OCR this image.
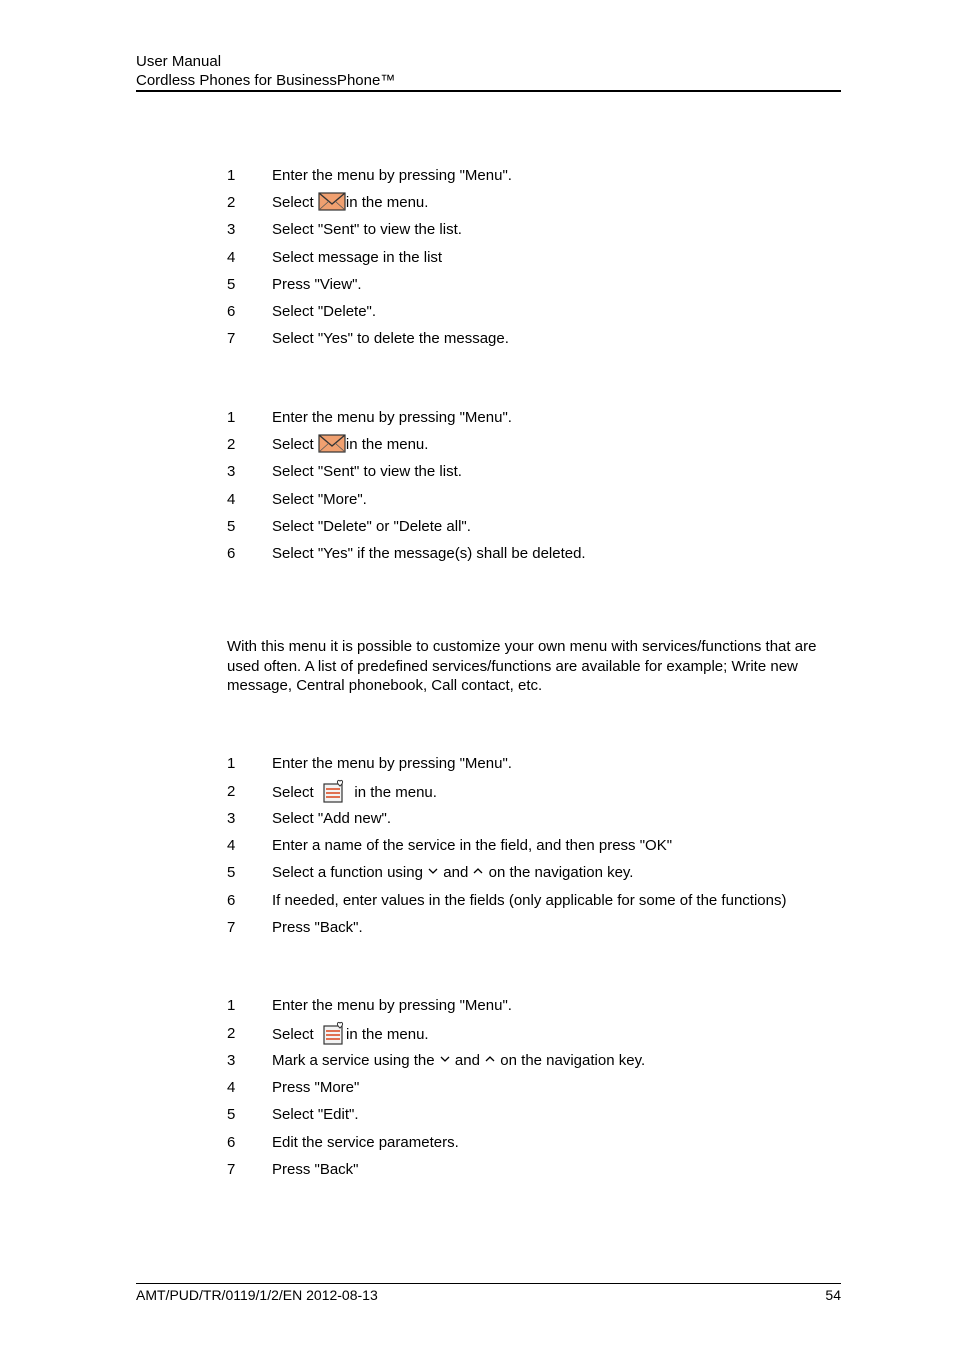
User Manual
Cordless Phones for BusinessPhone™
1	Enter the menu by pressing "Menu".
2	Select in the menu.
3	Select "Sent" to view the list.
4	Select message in the list
5	Press "View".
6	Select "Delete".
7	Select "Yes" to delete the message.
1	Enter the menu by pressing "Menu".
2	Select in the menu.
3	Select "Sent" to view the list.
4	Select "More".
5	Select "Delete" or "Delete all".
6	Select "Yes" if the message(s) shall be deleted.
With this menu it is possible to customize your own menu with services/functions that are used often. A list of predefined services/functions are available for example; Write new message, Central phonebook, Call contact, etc.
1	Enter the menu by pressing "Menu".
2	Select	in the menu.
3	Select "Add new".
4	Enter a name of the service in the field, and then press "OK"
5	Select a function using and on the navigation key.
6	If needed, enter values in the fields (only applicable for some of the functions)
7	Press "Back".
1	Enter the menu by pressing "Menu".
2	Select in the menu.
3	Mark a service using the and on the navigation key.
4	Press "More"
5	Select "Edit".
6	Edit the service parameters.
7	Press "Back"
AMT/PUD/TR/0119/1/2/EN 2012-08-13	54
